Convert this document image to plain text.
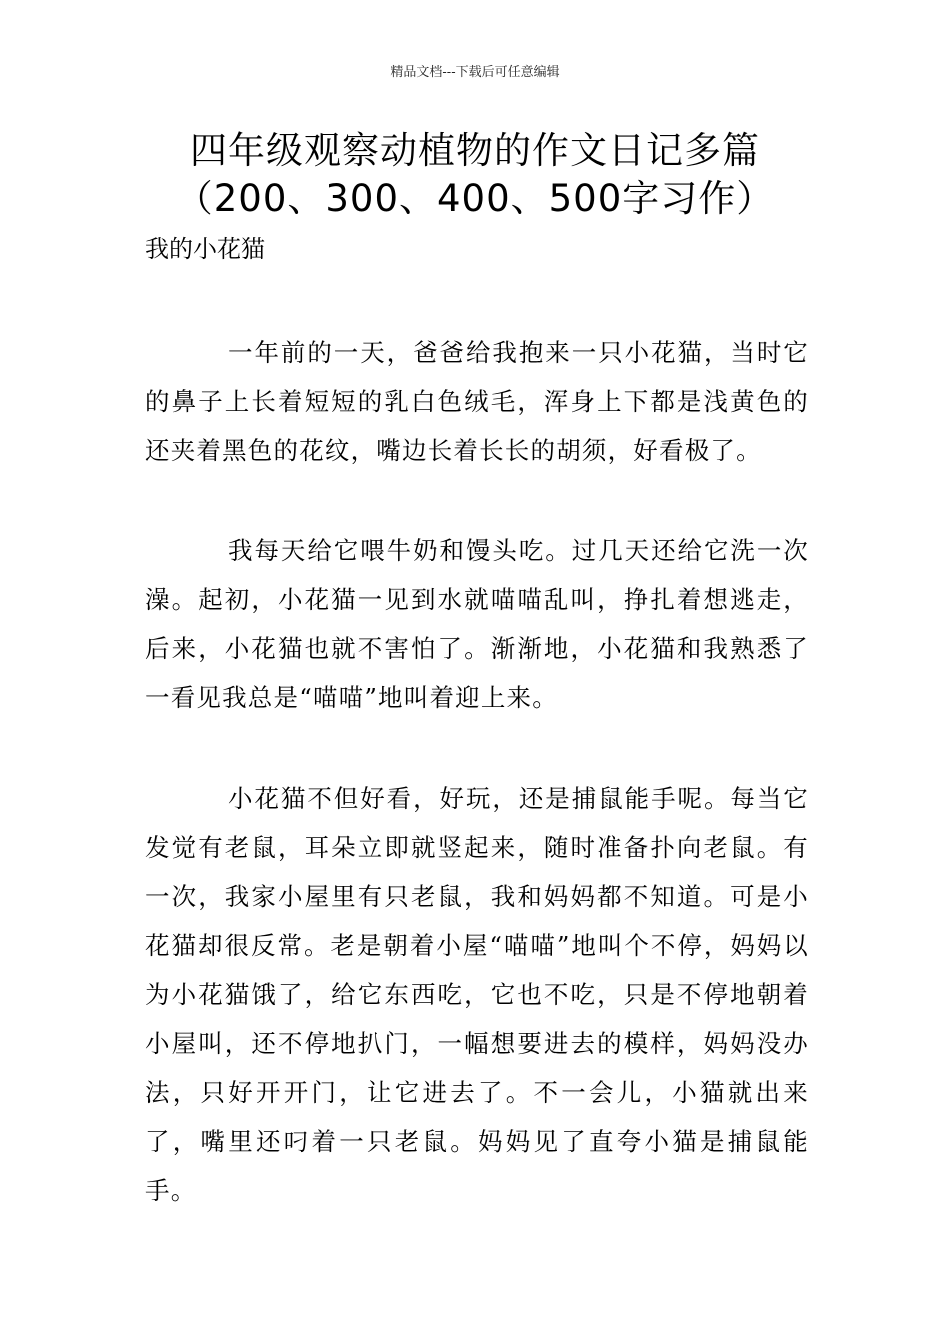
精品文档---下载后可任意编辑
四年级观察动植物的作文日记多篇
（200、300、400、500字习作）
我的小花猫

一年前的一天，爸爸给我抱来一只小花猫，当时它的鼻子上长着短短的乳白色绒毛，浑身上下都是浅黄色的还夹着黑色的花纹，嘴边长着长长的胡须，好看极了。

我每天给它喂牛奶和馒头吃。过几天还给它洗一次澡。起初，小花猫一见到水就喵喵乱叫，挣扎着想逃走，后来，小花猫也就不害怕了。渐渐地，小花猫和我熟悉了一看见我总是“喵喵”地叫着迎上来。

小花猫不但好看，好玩，还是捕鼠能手呢。每当它发觉有老鼠，耳朵立即就竖起来，随时准备扑向老鼠。有一次，我家小屋里有只老鼠，我和妈妈都不知道。可是小花猫却很反常。老是朝着小屋“喵喵”地叫个不停，妈妈以为小花猫饿了，给它东西吃，它也不吃，只是不停地朝着小屋叫，还不停地扒门，一幅想要进去的模样，妈妈没办法，只好开开门，让它进去了。不一会儿，小猫就出来了，嘴里还叼着一只老鼠。妈妈见了直夸小猫是捕鼠能手。
